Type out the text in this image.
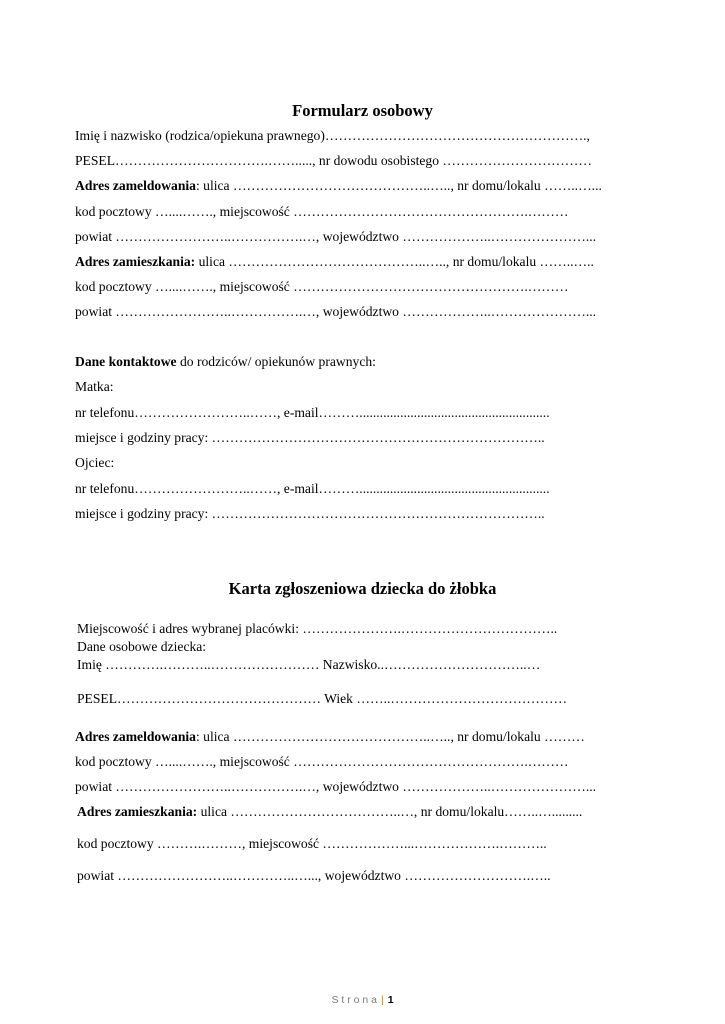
Formularz osobowy

Imię i nazwisko (rodzica/opiekuna prawnego)………………………………………………….,

PESEL…………………………….……....., nr dowodu osobistego ……………………………

Adres zameldowania: ulica ……………………………………..….., nr domu/lokalu ……..…...

kod pocztowy …....……., miejscowość …………………………………………….………

powiat ……………………..…………….…, województwo ………………..…………………...

Adres zamieszkania: ulica ……………………………………..….., nr domu/lokalu ……..…..

kod pocztowy …....……., miejscowość …………………………………………….………

powiat ……………………..…………….…, województwo ………………..…………………...

Dane kontaktowe do rodziców/ opiekunów prawnych:

Matka:

nr telefonu……………………..……, e-mail………........................................................

miejsce i godziny pracy: ………………………………………………………………..

Ojciec:

nr telefonu……………………..……, e-mail………........................................................

miejsce i godziny pracy: ………………………………………………………………..

Karta zgłoszeniowa dziecka do żłobka

Miejscowość i adres wybranej placówki: ………………….……………………………..

Dane osobowe dziecka:

Imię ………….………..…………………… Nazwisko..…………………………..…

PESEL……………………………………… Wiek ……..…………………………………

Adres zameldowania: ulica ……………………………………..….., nr domu/lokalu ………

kod pocztowy …....……., miejscowość …………………………………………….………

powiat ……………………..…………….…, województwo ………………..…………………...

Adres zamieszkania: ulica ………………………………..…, nr domu/lokalu……..….........

kod pocztowy ……….………, miejscowość ………………...……………….………..

powiat ……………………..…………..…..., województwo ……………………….…..

S t r o n a | 1
